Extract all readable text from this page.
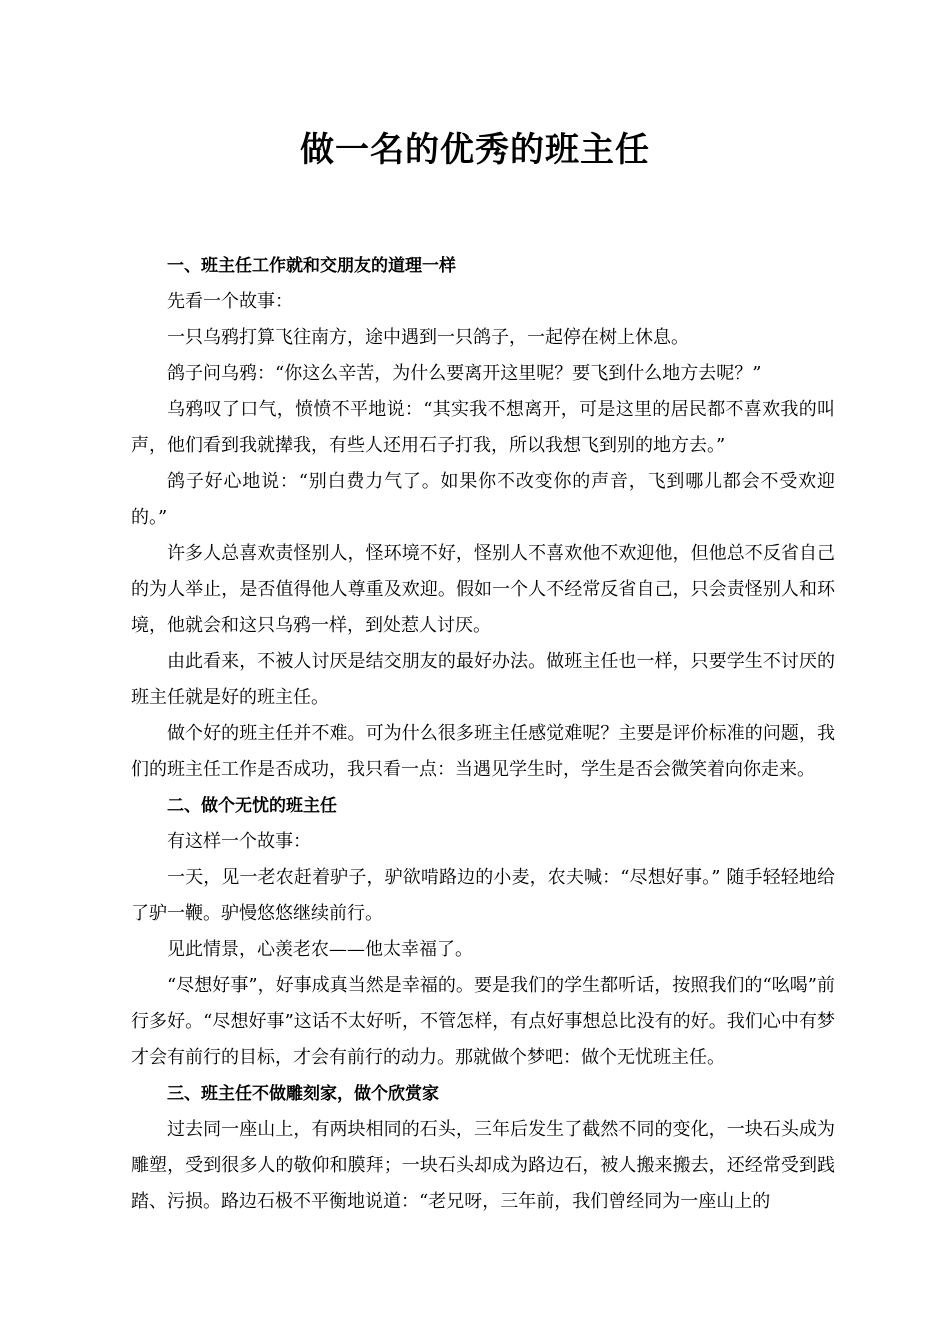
做一名的优秀的班主任
一、班主任工作就和交朋友的道理一样

先看一个故事：

一只乌鸦打算飞往南方，途中遇到一只鸽子，一起停在树上休息。

鸽子问乌鸦：“你这么辛苦，为什么要离开这里呢？要飞到什么地方去呢？”

乌鸦叹了口气，愤愤不平地说：“其实我不想离开，可是这里的居民都不喜欢我的叫声，他们看到我就撵我，有些人还用石子打我，所以我想飞到别的地方去。”

鸽子好心地说：“别白费力气了。如果你不改变你的声音，飞到哪儿都会不受欢迎的。”

许多人总喜欢责怪别人，怪环境不好，怪别人不喜欢他不欢迎他，但他总不反省自己的为人举止，是否值得他人尊重及欢迎。假如一个人不经常反省自己，只会责怪别人和环境，他就会和这只乌鸦一样，到处惹人讨厌。

由此看来，不被人讨厌是结交朋友的最好办法。做班主任也一样，只要学生不讨厌的班主任就是好的班主任。

做个好的班主任并不难。可为什么很多班主任感觉难呢？主要是评价标准的问题，我们的班主任工作是否成功，我只看一点：当遇见学生时，学生是否会微笑着向你走来。

二、做个无忧的班主任

有这样一个故事：

一天，见一老农赶着驴子，驴欲啃路边的小麦，农夫喊：“尽想好事。” 随手轻轻地给了驴一鞭。驴慢悠悠继续前行。

见此情景，心羡老农——他太幸福了。

“尽想好事”，好事成真当然是幸福的。要是我们的学生都听话，按照我们的“吆喝”前行多好。“尽想好事”这话不太好听，不管怎样，有点好事想总比没有的好。我们心中有梦才会有前行的目标，才会有前行的动力。那就做个梦吧：做个无忧班主任。

三、班主任不做雕刻家，做个欣赏家

过去同一座山上，有两块相同的石头，三年后发生了截然不同的变化，一块石头成为雕塑，受到很多人的敬仰和膜拜；一块石头却成为路边石，被人搬来搬去，还经常受到践踏、污损。路边石极不平衡地说道：“老兄呀，三年前，我们曾经同为一座山上的
